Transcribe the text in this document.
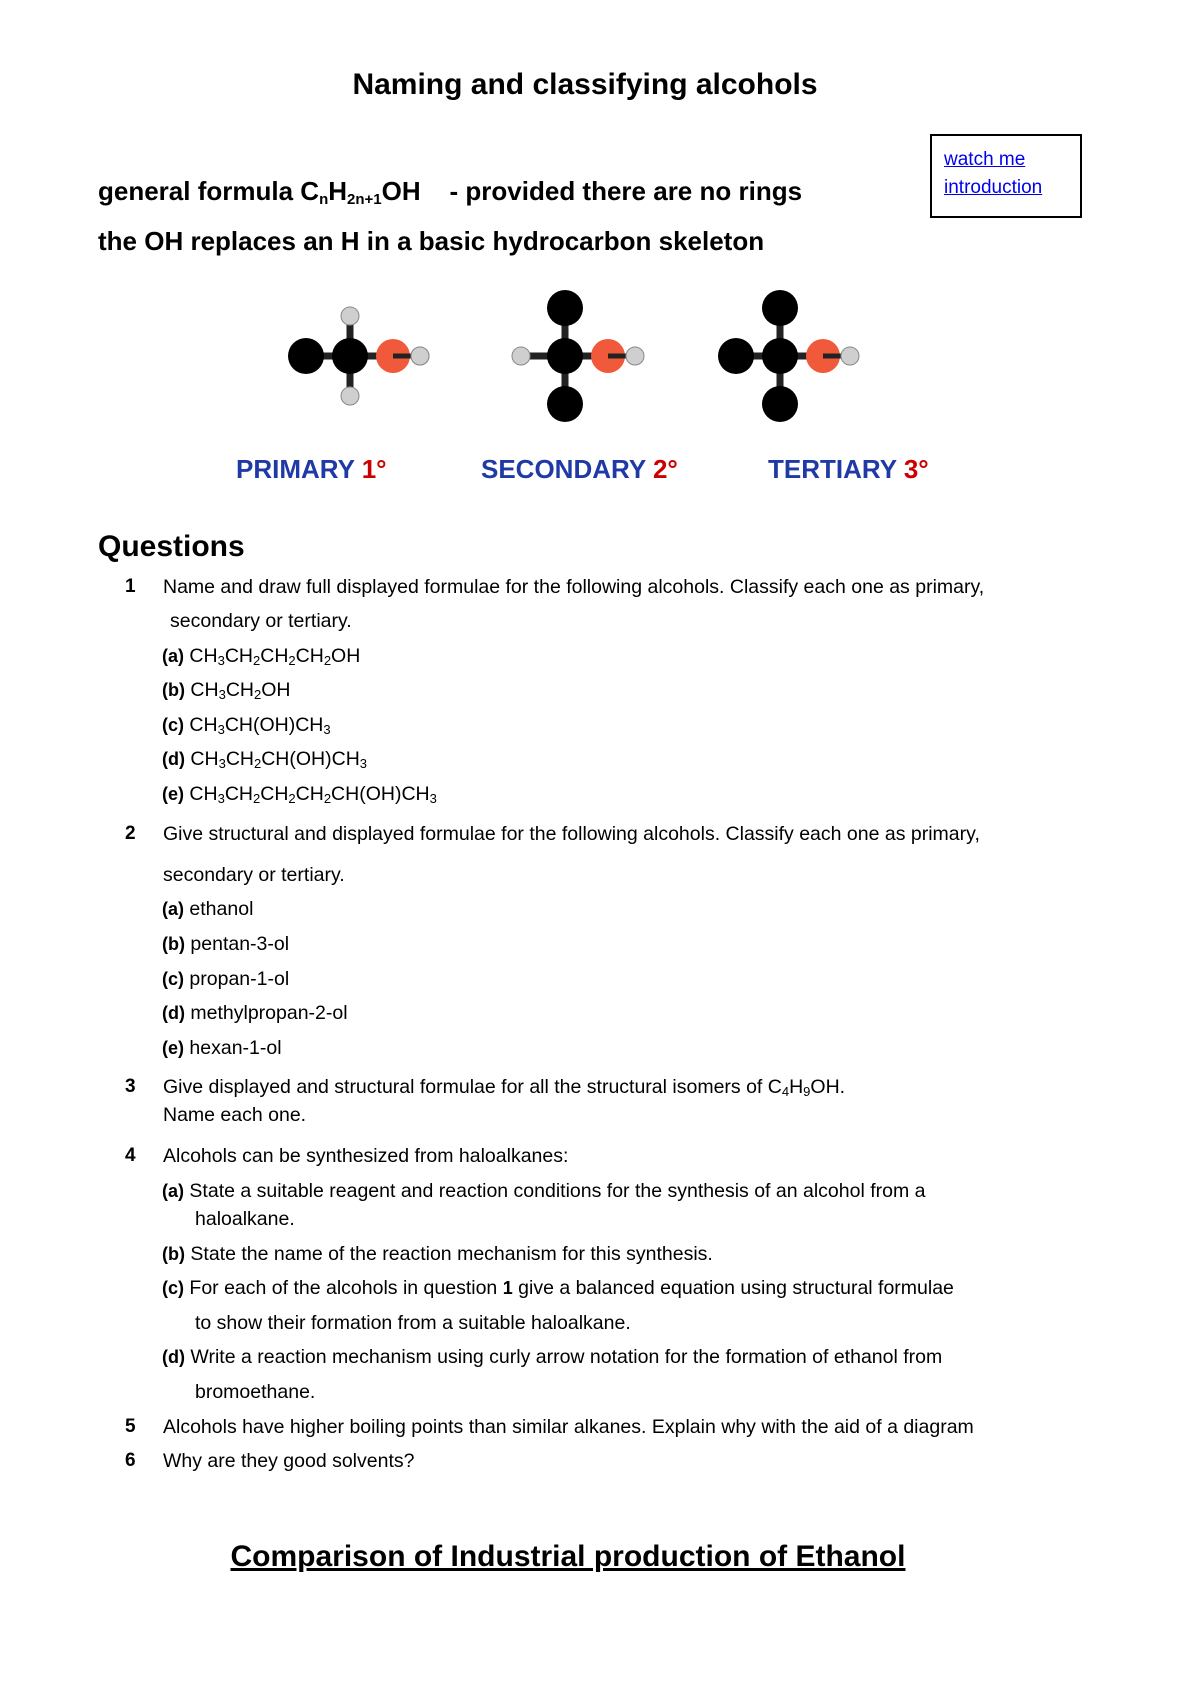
Naming and classifying alcohols
general formula $C_nH_{2n+1}OH$ - provided there are no rings
the OH replaces an H in a basic hydrocarbon skeleton
watch me introduction
PRIMARY 1°	SECONDARY 2°	TERTIARY 3°
Questions
1 Name and draw full displayed formulae for the following alcohols. Classify each one as primary,
secondary or tertiary.
(a) $CH_3CH_2CH_2CH_2OH$
(b) $CH_3CH_2OH$
(c) $CH_3CH(OH)CH_3$
(d) $CH_3CH_2CH(OH)CH_3$
(e) $CH_3CH_2CH_2CH_2CH(OH)CH_3$
2 Give structural and displayed formulae for the following alcohols. Classify each one as primary,
secondary or tertiary.
(a) ethanol
(b) pentan-3-ol
(c) propan-1-ol
(d) methylpropan-2-ol
(e) hexan-1-ol
3 Give displayed and structural formulae for all the structural isomers of $C_4H_9OH$.
Name each one.
4 Alcohols can be synthesized from haloalkanes:
(a) State a suitable reagent and reaction conditions for the synthesis of an alcohol from a
haloalkane.
(b) State the name of the reaction mechanism for this synthesis.
(c) For each of the alcohols in question 1 give a balanced equation using structural formulae
to show their formation from a suitable haloalkane.
(d) Write a reaction mechanism using curly arrow notation for the formation of ethanol from
bromoethane.
5 Alcohols have higher boiling points than similar alkanes. Explain why with the aid of a diagram
6 Why are they good solvents?
Comparison of Industrial production of Ethanol
